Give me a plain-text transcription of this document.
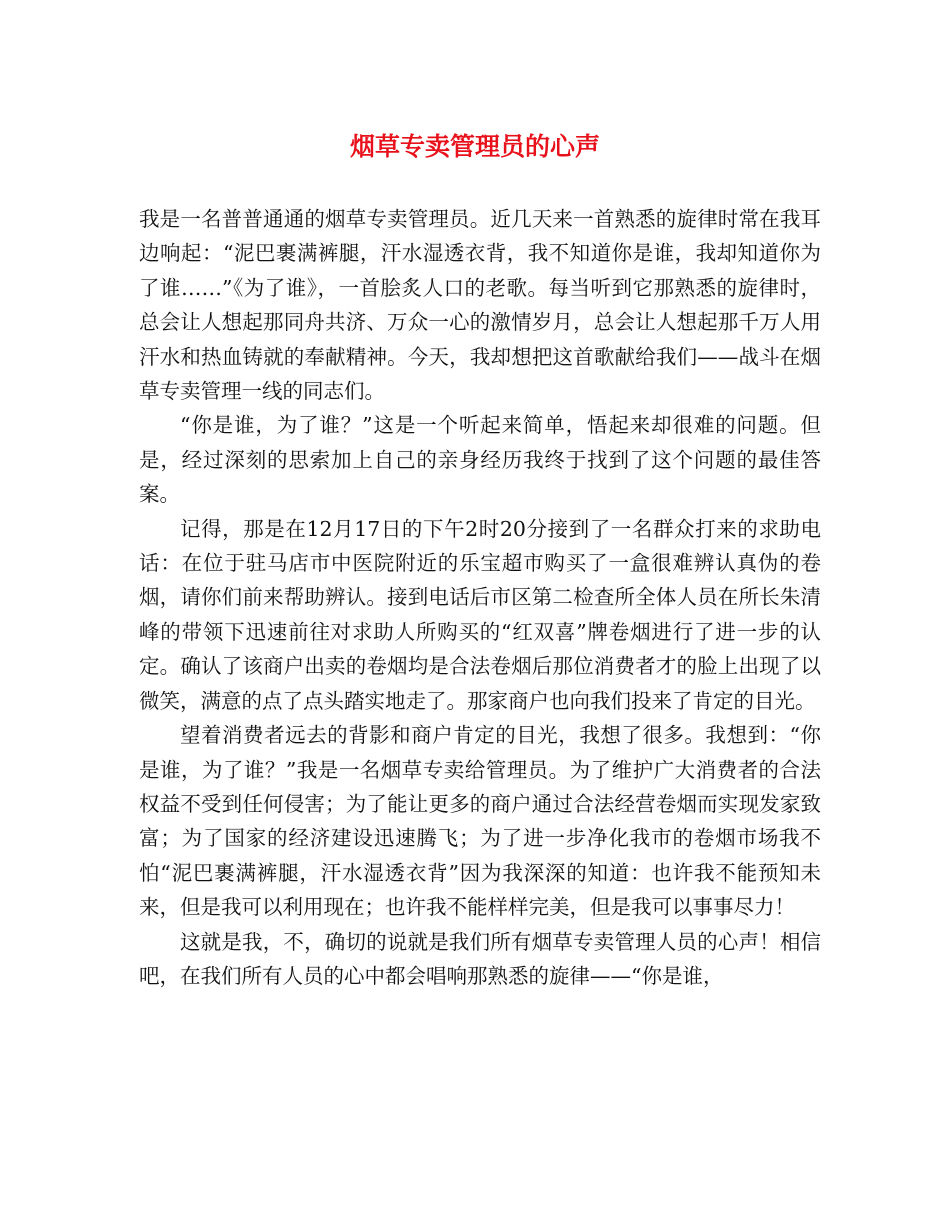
烟草专卖管理员的心声

我是一名普普通通的烟草专卖管理员。近几天来一首熟悉的旋律时常在我耳边响起：“泥巴裹满裤腿，汗水湿透衣背，我不知道你是谁，我却知道你为了谁……”《为了谁》，一首脍炙人口的老歌。每当听到它那熟悉的旋律时，总会让人想起那同舟共济、万众一心的激情岁月，总会让人想起那千万人用汗水和热血铸就的奉献精神。今天，我却想把这首歌献给我们——战斗在烟草专卖管理一线的同志们。

“你是谁，为了谁？”这是一个听起来简单，悟起来却很难的问题。但是，经过深刻的思索加上自己的亲身经历我终于找到了这个问题的最佳答案。

记得，那是在12月17日的下午2时20分接到了一名群众打来的求助电话：在位于驻马店市中医院附近的乐宝超市购买了一盒很难辨认真伪的卷烟，请你们前来帮助辨认。接到电话后市区第二检查所全体人员在所长朱清峰的带领下迅速前往对求助人所购买的“红双喜”牌卷烟进行了进一步的认定。确认了该商户出卖的卷烟均是合法卷烟后那位消费者才的脸上出现了以微笑，满意的点了点头踏实地走了。那家商户也向我们投来了肯定的目光。

望着消费者远去的背影和商户肯定的目光，我想了很多。我想到：“你是谁，为了谁？”我是一名烟草专卖给管理员。为了维护广大消费者的合法权益不受到任何侵害；为了能让更多的商户通过合法经营卷烟而实现发家致富；为了国家的经济建设迅速腾飞；为了进一步净化我市的卷烟市场我不怕“泥巴裹满裤腿，汗水湿透衣背”因为我深深的知道：也许我不能预知未来，但是我可以利用现在；也许我不能样样完美，但是我可以事事尽力！

这就是我，不，确切的说就是我们所有烟草专卖管理人员的心声！相信吧，在我们所有人员的心中都会唱响那熟悉的旋律——“你是谁，
